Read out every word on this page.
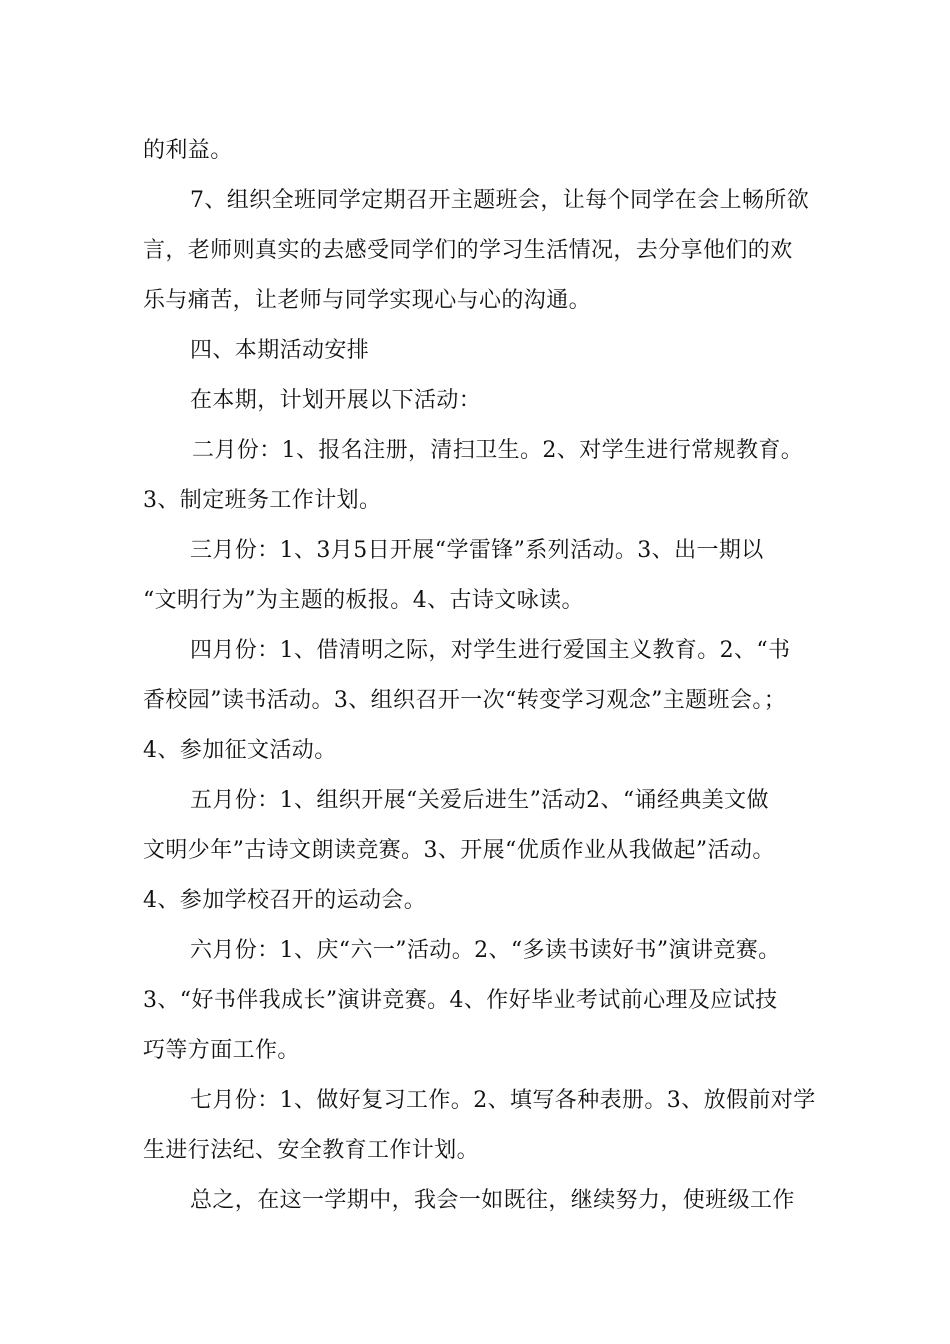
的利益。
7、组织全班同学定期召开主题班会，让每个同学在会上畅所欲
言，老师则真实的去感受同学们的学习生活情况，去分享他们的欢
乐与痛苦，让老师与同学实现心与心的沟通。
四、本期活动安排
在本期，计划开展以下活动：
二月份：1、报名注册，清扫卫生。2、对学生进行常规教育。
3、制定班务工作计划。
三月份：1、3月5日开展“学雷锋”系列活动。3、出一期以
“文明行为”为主题的板报。4、古诗文咏读。
四月份：1、借清明之际，对学生进行爱国主义教育。2、“书
香校园”读书活动。3、组织召开一次“转变学习观念”主题班会。；
4、参加征文活动。
五月份：1、组织开展“关爱后进生”活动2、“诵经典美文做
文明少年”古诗文朗读竞赛。3、开展“优质作业从我做起”活动。
4、参加学校召开的运动会。
六月份：1、庆“六一”活动。2、“多读书读好书”演讲竞赛。
3、“好书伴我成长”演讲竞赛。4、作好毕业考试前心理及应试技
巧等方面工作。
七月份：1、做好复习工作。2、填写各种表册。3、放假前对学
生进行法纪、安全教育工作计划。
总之，在这一学期中，我会一如既往，继续努力，使班级工作
